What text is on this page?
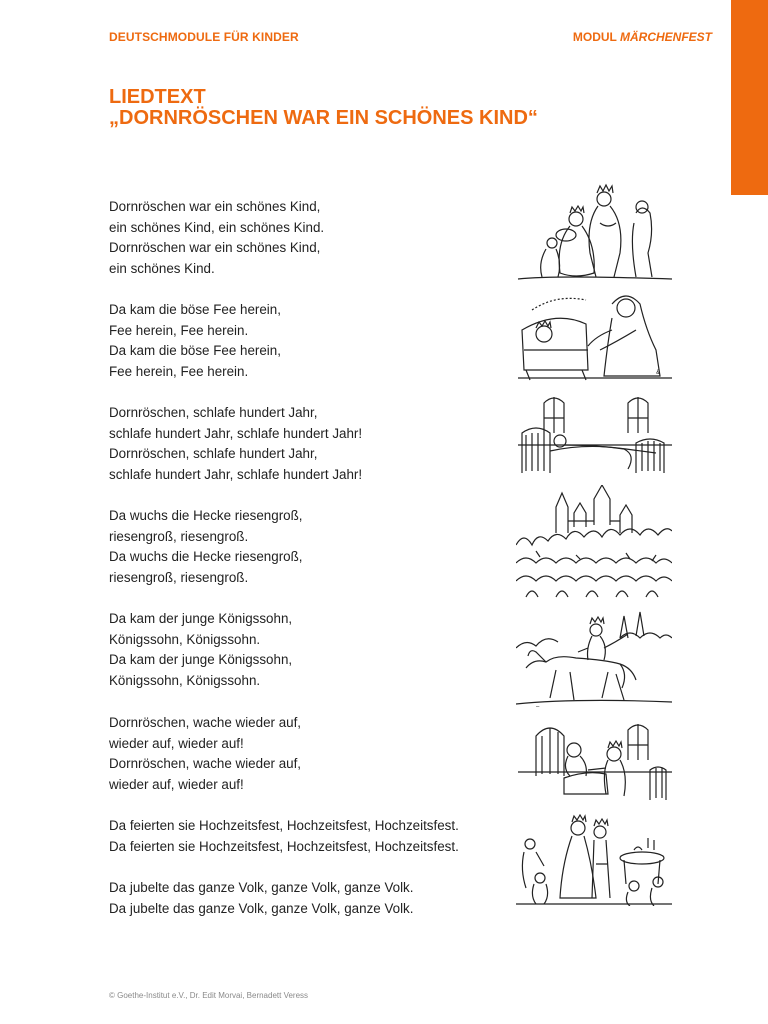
DEUTSCHMODULE FÜR KINDER	MODUL MÄRCHENFEST
LIEDTEXT
„DORNRÖSCHEN WAR EIN SCHÖNES KIND“
Dornröschen war ein schönes Kind,
ein schönes Kind, ein schönes Kind.
Dornröschen war ein schönes Kind,
ein schönes Kind.
Da kam die böse Fee herein,
Fee herein, Fee herein.
Da kam die böse Fee herein,
Fee herein, Fee herein.
Dornröschen, schlafe hundert Jahr,
schlafe hundert Jahr, schlafe hundert Jahr!
Dornröschen, schlafe hundert Jahr,
schlafe hundert Jahr, schlafe hundert Jahr!
Da wuchs die Hecke riesengroß,
riesengroß, riesengroß.
Da wuchs die Hecke riesengroß,
riesengroß, riesengroß.
Da kam der junge Königssohn,
Königssohn, Königssohn.
Da kam der junge Königssohn,
Königssohn, Königssohn.
Dornröschen, wache wieder auf,
wieder auf, wieder auf!
Dornröschen, wache wieder auf,
wieder auf, wieder auf!
Da feierten sie Hochzeitsfest, Hochzeitsfest, Hochzeitsfest.
Da feierten sie Hochzeitsfest, Hochzeitsfest, Hochzeitsfest.
Da jubelte das ganze Volk, ganze Volk, ganze Volk.
Da jubelte das ganze Volk, ganze Volk, ganze Volk.
&
–
© Goethe-Institut e.V., Dr. Edit Morvai, Bernadett Veress
